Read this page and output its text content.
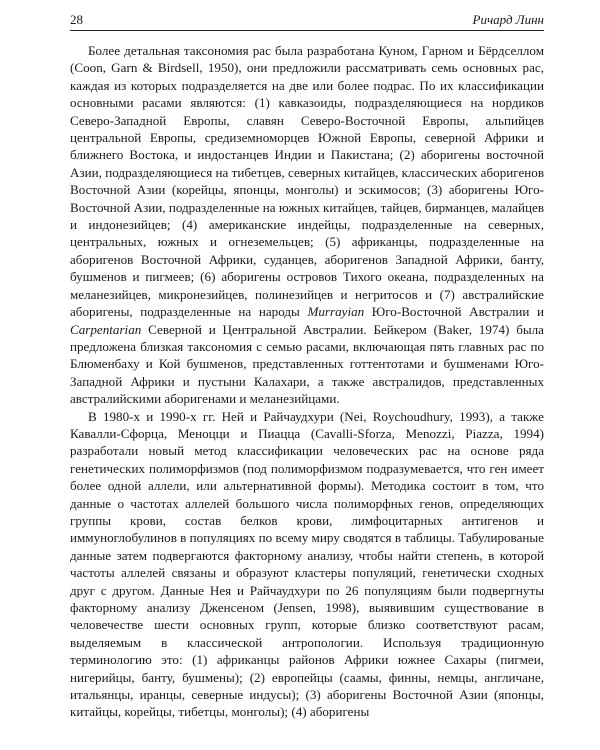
28	Ричард Линн

Более детальная таксономия рас была разработана Куном, Гарном и Бёрдселлом (Coon, Garn & Birdsell, 1950), они предложили рассматривать семь основных рас, каждая из которых подразделяется на две или более подрас. По их классификации основными расами являются: (1) кавказоиды, подразделяющиеся на нордиков Северо-Западной Европы, славян Северо-Восточной Европы, альпийцев центральной Европы, средиземноморцев Южной Европы, северной Африки и ближнего Востока, и индостанцев Индии и Пакистана; (2) аборигены восточной Азии, подразделяющиеся на тибетцев, северных китайцев, классических аборигенов Восточной Азии (корейцы, японцы, монголы) и эскимосов; (3) аборигены Юго-Восточной Азии, подразделенные на южных китайцев, тайцев, бирманцев, малайцев и индонезийцев; (4) американские индейцы, подразделенные на северных, центральных, южных и огнеземельцев; (5) африканцы, подразделенные на аборигенов Восточной Африки, суданцев, аборигенов Западной Африки, банту, бушменов и пигмеев; (6) аборигены островов Тихого океана, подразделенных на меланезийцев, микронезийцев, полинезийцев и негритосов и (7) австралийские аборигены, подразделенные на народы Murrayian Юго-Восточной Австралии и Carpentarian Северной и Центральной Австралии. Бейкером (Baker, 1974) была предложена близкая таксономия с семью расами, включающая пять главных рас по Блюменбаху и Кой бушменов, представленных готтентотами и бушменами Юго-Западной Африки и пустыни Калахари, а также австралидов, представленных австралийскими аборигенами и меланезийцами.

В 1980-х и 1990-х гг. Ней и Райчаудхури (Nei, Roychoudhury, 1993), а также Кавалли-Сфорца, Меноцци и Пиацца (Cavalli-Sforza, Menozzi, Piazza, 1994) разработали новый метод классификации человеческих рас на основе ряда генетических полиморфизмов (под полиморфизмом подразумевается, что ген имеет более одной аллели, или альтернативной формы). Методика состоит в том, что данные о частотах аллелей большого числа полиморфных генов, определяющих группы крови, состав белков крови, лимфоцитарных антигенов и иммуноглобулинов в популяциях по всему миру сводятся в таблицы. Табулированые данные затем подвергаются факторному анализу, чтобы найти степень, в которой частоты аллелей связаны и образуют кластеры популяций, генетически сходных друг с другом. Данные Нея и Райчаудхури по 26 популяциям были подвергнуты факторному анализу Дженсеном (Jensen, 1998), выявившим существование в человечестве шести основных групп, которые близко соответствуют расам, выделяемым в классической антропологии. Используя традиционную терминологию это: (1) африканцы районов Африки южнее Сахары (пигмеи, нигерийцы, банту, бушмены); (2) европейцы (саамы, финны, немцы, англичане, итальянцы, иранцы, северные индусы); (3) аборигены Восточной Азии (японцы, китайцы, корейцы, тибетцы, монголы); (4) аборигены
